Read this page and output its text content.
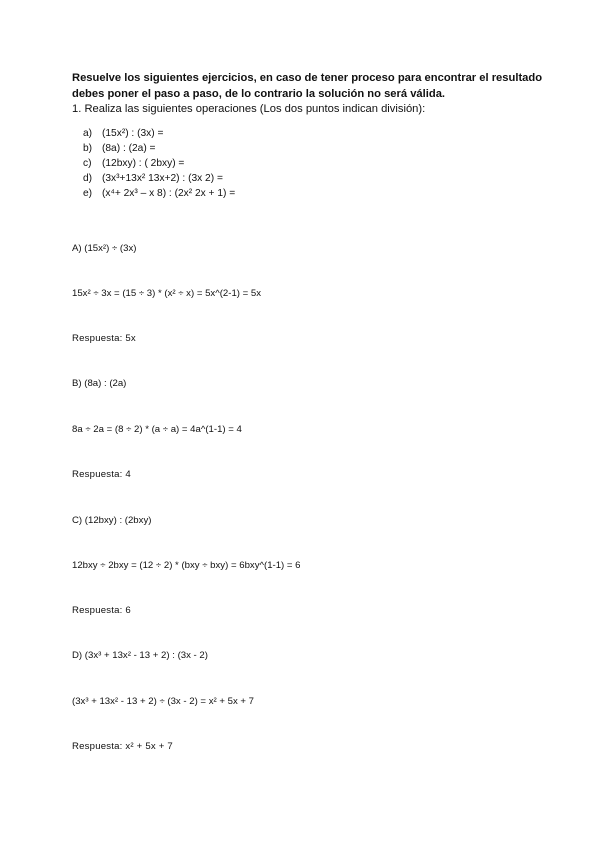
Resuelve los siguientes ejercicios, en caso de tener proceso para encontrar el resultado debes poner el paso a paso, de lo contrario la solución no será válida.
1. Realiza las siguientes operaciones (Los dos puntos indican división):
a) (15x²) : (3x) =
b) (8a) : (2a) =
c)	(12bxy) : ( 2bxy) =
d) (3x³+13x² 13x+2) : (3x 2) =
e) (x⁴+ 2x³ – x 8) : (2x² 2x + 1) =
A) (15x²) ÷ (3x)
15x² ÷ 3x = (15 ÷ 3) * (x² ÷ x) = 5x^(2-1) = 5x
Respuesta: 5x
B) (8a) : (2a)
8a ÷ 2a = (8 ÷ 2) * (a ÷ a) = 4a^(1-1) = 4
Respuesta: 4
C) (12bxy) : (2bxy)
12bxy ÷ 2bxy = (12 ÷ 2) * (bxy ÷ bxy) = 6bxy^(1-1) = 6
Respuesta: 6
D) (3x³ + 13x² - 13 + 2) : (3x - 2)
(3x³ + 13x² - 13 + 2) ÷ (3x - 2) = x² + 5x + 7
Respuesta: x² + 5x + 7
